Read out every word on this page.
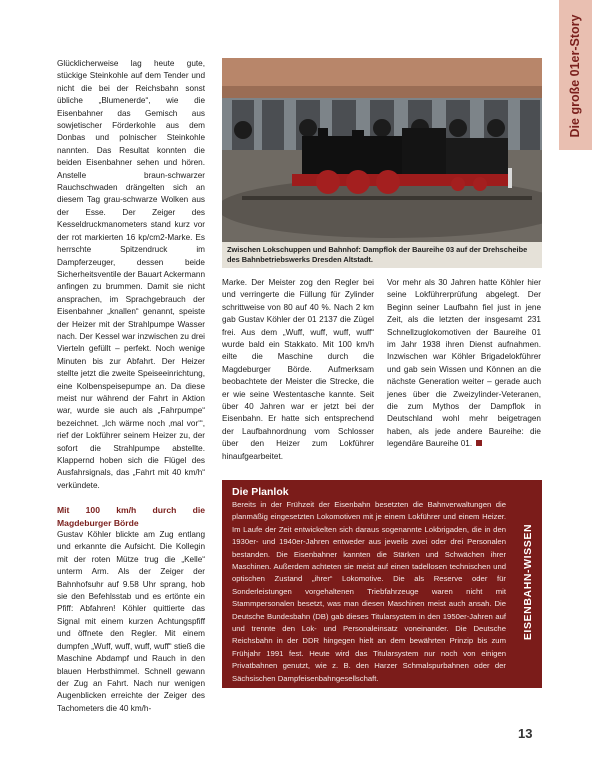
Die große 01er-Story

Glücklicherweise lag heute gute, stückige Steinkohle auf dem Tender und nicht die bei der Reichsbahn sonst übliche „Blumenerde“, wie die Eisenbahner das Gemisch aus sowjetischer Förderkohle aus dem Donbas und polnischer Steinkohle nannten. Das Resultat konnten die beiden Eisenbahner sehen und hören. Anstelle braun-schwarzer Rauchschwaden drängelten sich an diesem Tag grau-schwarze Wolken aus der Esse. Der Zeiger des Kesseldruckmanometers stand kurz vor der rot markierten 16 kp/cm2-Marke. Es herrschte Spitzendruck im Dampferzeuger, dessen beide Sicherheitsventile der Bauart Ackermann anfingen zu brummen. Damit sie nicht ansprachen, im Sprachgebrauch der Eisenbahner „knallen“ genannt, speiste der Heizer mit der Strahlpumpe Wasser nach. Der Kessel war inzwischen zu drei Vierteln gefüllt – perfekt. Noch wenige Minuten bis zur Abfahrt. Der Heizer stellte jetzt die zweite Speiseeinrichtung, eine Kolbenspeisepumpe an. Da diese meist nur während der Fahrt in Aktion war, wurde sie auch als „Fahrpumpe“ bezeichnet. „Ich wärme noch ‚mal vor‘“, rief der Lokführer seinem Heizer zu, der sofort die Strahlpumpe abstellte. Klappernd hoben sich die Flügel des Ausfahrsignals, das „Fahrt mit 40 km/h“ verkündete.

Mit 100 km/h durch die Magdeburger Börde

Gustav Köhler blickte am Zug entlang und erkannte die Aufsicht. Die Kollegin mit der roten Mütze trug die „Kelle“ unterm Arm. Als der Zeiger der Bahnhofsuhr auf 9.58 Uhr sprang, hob sie den Befehlsstab und es ertönte ein Pfiff: Abfahren! Köhler quittierte das Signal mit einem kurzen Achtungspfiff und öffnete den Regler. Mit einem dumpfen „Wuff, wuff, wuff, wuff“ stieß die Maschine Abdampf und Rauch in den blauen Herbsthimmel. Schnell gewann der Zug an Fahrt. Nach nur wenigen Augenblicken erreichte der Zeiger des Tachometers die 40 km/h-

Zwischen Lokschuppen und Bahnhof: Dampflok der Baureihe 03 auf der Drehscheibe des Bahnbetriebswerks Dresden Altstadt.

Marke. Der Meister zog den Regler bei und verringerte die Füllung für Zylinder schrittweise von 80 auf 40 %. Nach 2 km gab Gustav Köhler der 01 2137 die Zügel frei. Aus dem „Wuff, wuff, wuff, wuff“ wurde bald ein Stakkato. Mit 100 km/h eilte die Maschine durch die Magdeburger Börde. Aufmerksam beobachtete der Meister die Strecke, die er wie seine Westentasche kannte. Seit über 40 Jahren war er jetzt bei der Eisenbahn. Er hatte sich entsprechend der Laufbahnordnung vom Schlosser über den Heizer zum Lokführer hinaufgearbeitet.

Vor mehr als 30 Jahren hatte Köhler hier seine Lokführerprüfung abgelegt. Der Beginn seiner Laufbahn fiel just in jene Zeit, als die letzten der insgesamt 231 Schnellzuglokomotiven der Baureihe 01 im Jahr 1938 ihren Dienst aufnahmen. Inzwischen war Köhler Brigadelokführer und gab sein Wissen und Können an die nächste Generation weiter – gerade auch jenes über die Zweizylinder-Veteranen, die zum Mythos der Dampflok in Deutschland wohl mehr beigetragen haben, als jede andere Baureihe: die legendäre Baureihe 01.

Die Planlok
Bereits in der Frühzeit der Eisenbahn besetzten die Bahnverwaltungen die planmäßig eingesetzten Lokomotiven mit je einem Lokführer und einem Heizer. Im Laufe der Zeit entwickelten sich daraus sogenannte Lokbrigaden, die in den 1930er- und 1940er-Jahren entweder aus jeweils zwei oder drei Personalen bestanden. Die Eisenbahner kannten die Stärken und Schwächen ihrer Maschinen. Außerdem achteten sie meist auf einen tadellosen technischen und optischen Zustand „ihrer“ Lokomotive. Die als Reserve oder für Sonderleistungen vorgehaltenen Triebfahrzeuge waren nicht mit Stammpersonalen besetzt, was man diesen Maschinen meist auch ansah. Die Deutsche Bundesbahn (DB) gab dieses Titularsystem in den 1950er-Jahren auf und trennte den Lok- und Personaleinsatz voneinander. Die Deutsche Reichsbahn in der DDR hingegen hielt an dem bewährten Prinzip bis zum Frühjahr 1991 fest. Heute wird das Titularsystem nur noch von einigen Privatbahnen genutzt, wie z. B. den Harzer Schmalspurbahnen oder der Sächsischen Dampfeisenbahngesellschaft.
EISENBAHN-WISSEN
13
